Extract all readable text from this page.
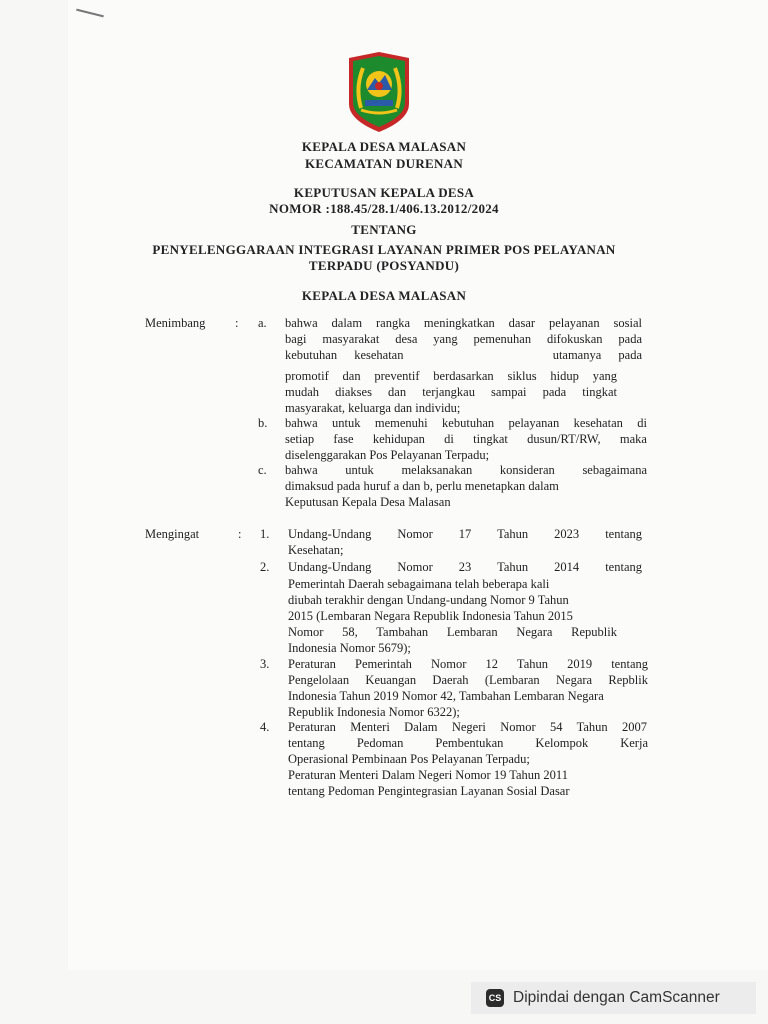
KEPALA DESA MALASAN
KECAMATAN DURENAN
KEPUTUSAN KEPALA DESA
NOMOR :188.45/28.1/406.13.2012/2024
TENTANG
PENYELENGGARAAN INTEGRASI LAYANAN PRIMER POS PELAYANAN
TERPADU (POSYANDU)
KEPALA DESA MALASAN
Menimbang : a. bahwa dalam rangka meningkatkan dasar pelayanan sosial
bagi masyarakat desa yang pemenuhan difokuskan pada
kebutuhan kesehatan	utamanya pada
promotif dan preventif berdasarkan siklus hidup yang
mudah diakses dan terjangkau sampai pada tingkat
masyarakat, keluarga dan individu;
b. bahwa untuk memenuhi kebutuhan pelayanan kesehatan di
setiap fase kehidupan di tingkat dusun/RT/RW, maka
diselenggarakan Pos Pelayanan Terpadu;
c. bahwa untuk melaksanakan konsideran sebagaimana
dimaksud pada huruf a dan b, perlu menetapkan dalam
Keputusan Kepala Desa Malasan
Mengingat	: 1. Undang-Undang Nomor 17 Tahun 2023 tentang
Kesehatan;
2. Undang-Undang Nomor 23 Tahun 2014 tentang
Pemerintah Daerah sebagaimana telah beberapa kali
diubah terakhir dengan Undang-undang Nomor 9 Tahun
2015 (Lembaran Negara Republik Indonesia Tahun 2015
Nomor 58, Tambahan Lembaran Negara Republik
Indonesia Nomor 5679);
3. Peraturan Pemerintah Nomor 12 Tahun 2019 tentang
Pengelolaan Keuangan Daerah (Lembaran Negara Repblik
Indonesia Tahun 2019 Nomor 42, Tambahan Lembaran Negara
Republik Indonesia Nomor 6322);
4. Peraturan Menteri Dalam Negeri Nomor 54 Tahun 2007
tentang Pedoman Pembentukan Kelompok Kerja
Operasional Pembinaan Pos Pelayanan Terpadu;
Peraturan Menteri Dalam Negeri Nomor 19 Tahun 2011
tentang Pedoman Pengintegrasian Layanan Sosial Dasar
CS Dipindai dengan CamScanner
